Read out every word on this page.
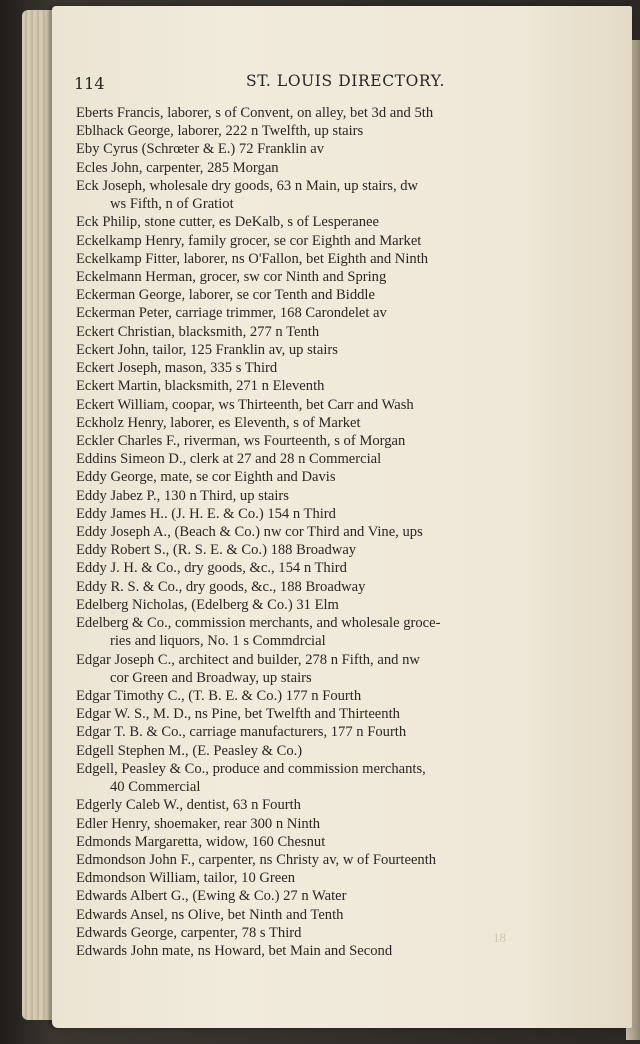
114	ST. LOUIS DIRECTORY.
Eberts Francis, laborer, s of Convent, on alley, bet 3d and 5th
Eblhack George, laborer, 222 n Twelfth, up stairs
Eby Cyrus (Schrœter & E.) 72 Franklin av
Ecles John, carpenter, 285 Morgan
Eck Joseph, wholesale dry goods, 63 n Main, up stairs, dw
ws Fifth, n of Gratiot
Eck Philip, stone cutter, es DeKalb, s of Lesperanee
Eckelkamp Henry, family grocer, se cor Eighth and Market
Eckelkamp Fitter, laborer, ns O'Fallon, bet Eighth and Ninth
Eckelmann Herman, grocer, sw cor Ninth and Spring
Eckerman George, laborer, se cor Tenth and Biddle
Eckerman Peter, carriage trimmer, 168 Carondelet av
Eckert Christian, blacksmith, 277 n Tenth
Eckert John, tailor, 125 Franklin av, up stairs
Eckert Joseph, mason, 335 s Third
Eckert Martin, blacksmith, 271 n Eleventh
Eckert William, coopar, ws Thirteenth, bet Carr and Wash
Eckholz Henry, laborer, es Eleventh, s of Market
Eckler Charles F., riverman, ws Fourteenth, s of Morgan
Eddins Simeon D., clerk at 27 and 28 n Commercial
Eddy George, mate, se cor Eighth and Davis
Eddy Jabez P., 130 n Third, up stairs
Eddy James H.. (J. H. E. & Co.) 154 n Third
Eddy Joseph A., (Beach & Co.) nw cor Third and Vine, ups
Eddy Robert S., (R. S. E. & Co.) 188 Broadway
Eddy J. H. & Co., dry goods, &c., 154 n Third
Eddy R. S. & Co., dry goods, &c., 188 Broadway
Edelberg Nicholas, (Edelberg & Co.) 31 Elm
Edelberg & Co., commission merchants, and wholesale groce-
ries and liquors, No. 1 s Commdrcial
Edgar Joseph C., architect and builder, 278 n Fifth, and nw
cor Green and Broadway, up stairs
Edgar Timothy C., (T. B. E. & Co.) 177 n Fourth
Edgar W. S., M. D., ns Pine, bet Twelfth and Thirteenth
Edgar T. B. & Co., carriage manufacturers, 177 n Fourth
Edgell Stephen M., (E. Peasley & Co.)
Edgell, Peasley & Co., produce and commission merchants,
40 Commercial
Edgerly Caleb W., dentist, 63 n Fourth
Edler Henry, shoemaker, rear 300 n Ninth
Edmonds Margaretta, widow, 160 Chesnut
Edmondson John F., carpenter, ns Christy av, w of Fourteenth
Edmondson William, tailor, 10 Green
Edwards Albert G., (Ewing & Co.) 27 n Water
Edwards Ansel, ns Olive, bet Ninth and Tenth
Edwards George, carpenter, 78 s Third
Edwards John mate, ns Howard, bet Main and Second
18
